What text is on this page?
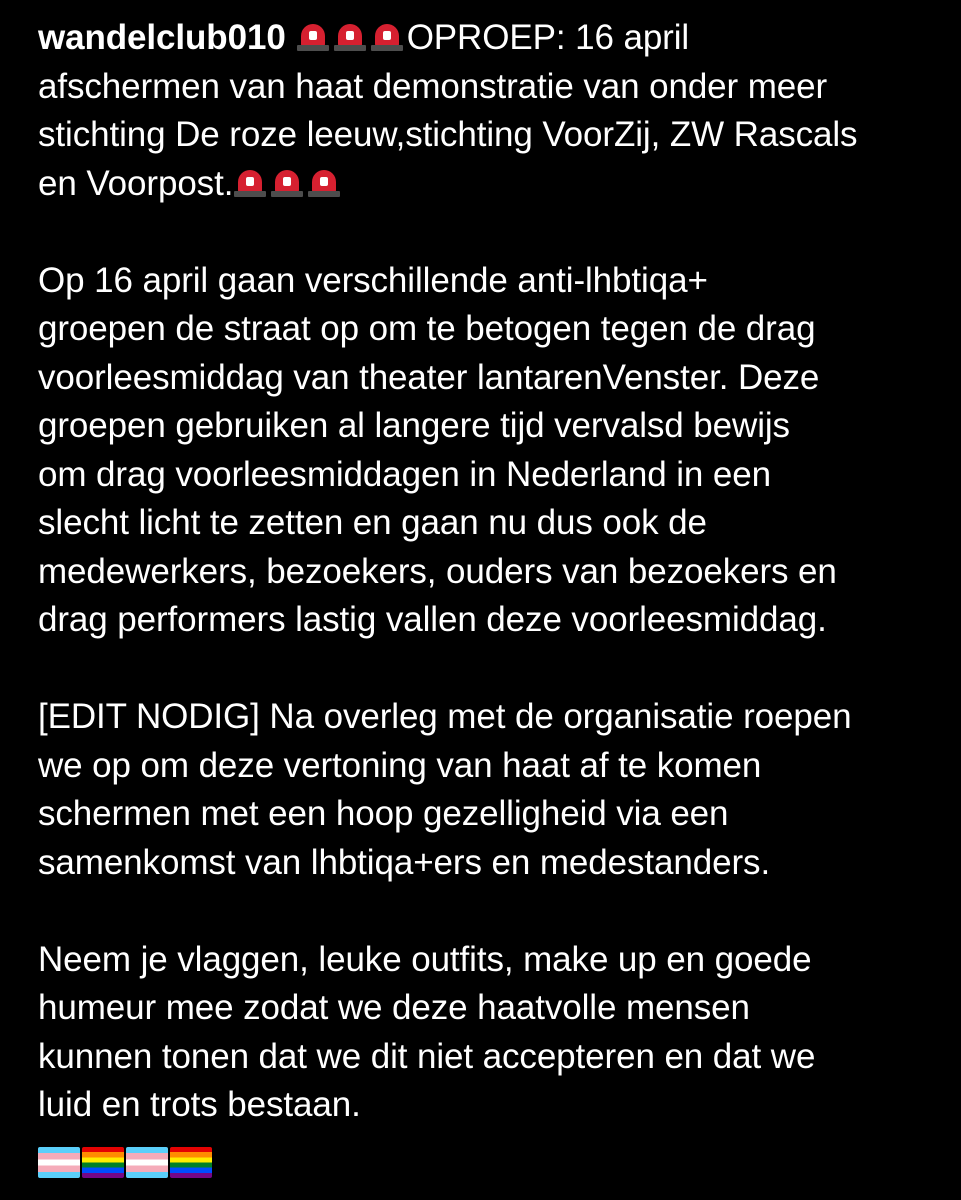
wandelclub010	OPROEP: 16 april
afschermen van haat demonstratie van onder meer
stichting De roze leeuw,stichting VoorZij, ZW Rascals
en Voorpost.
Op 16 april gaan verschillende anti-lhbtiqa+
groepen de straat op om te betogen tegen de drag
voorleesmiddag van theater lantarenVenster. Deze
groepen gebruiken al langere tijd vervalsd bewijs
om drag voorleesmiddagen in Nederland in een
slecht licht te zetten en gaan nu dus ook de
medewerkers, bezoekers, ouders van bezoekers en
drag performers lastig vallen deze voorleesmiddag.
[EDIT NODIG] Na overleg met de organisatie roepen
we op om deze vertoning van haat af te komen
schermen met een hoop gezelligheid via een
samenkomst van lhbtiqa+ers en medestanders.
Neem je vlaggen, leuke outfits, make up en goede
humeur mee zodat we deze haatvolle mensen
kunnen tonen dat we dit niet accepteren en dat we
luid en trots bestaan.
